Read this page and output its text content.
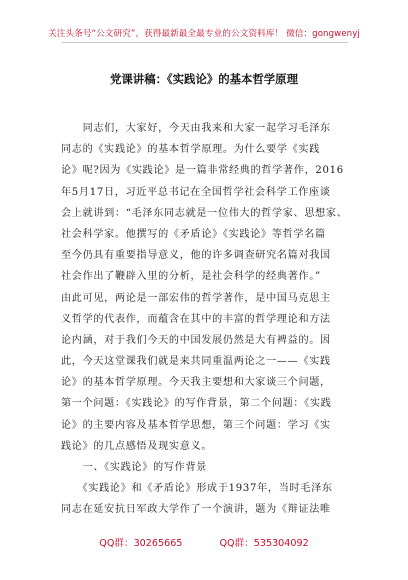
关注头条号“公文研究”，获得最新最全最专业的公文资料库！ 微信：gongwenyj
党课讲稿：《实践论》的基本哲学原理
　　同志们，大家好，今天由我来和大家一起学习毛泽东
同志的《实践论》的基本哲学原理。为什么要学《实践
论》呢?因为《实践论》是一篇非常经典的哲学著作，2016
年5月17日，习近平总书记在全国哲学社会科学工作座谈
会上就讲到：“毛泽东同志就是一位伟大的哲学家、思想家、
社会科学家。他撰写的《矛盾论》《实践论》等哲学名篇
至今仍具有重要指导意义，他的许多调查研究名篇对我国
社会作出了鞭辟入里的分析，是社会科学的经典著作。”
由此可见，两论是一部宏伟的哲学著作，是中国马克思主
义哲学的代表作，而蕴含在其中的丰富的哲学理论和方法
论内涵，对于我们今天的中国发展仍然是大有裨益的。因
此，今天这堂课我们就是来共同重温两论之一——《实践
论》的基本哲学原理。今天我主要想和大家谈三个问题，
第一个问题：《实践论》的写作背景，第二个问题：《实践
论》的主要内容及基本哲学思想，第三个问题：学习《实
践论》的几点感悟及现实意义。
　　一、《实践论》的写作背景
　　《实践论》和《矛盾论》形成于1937年，当时毛泽东
同志在延安抗日军政大学作了一个演讲，题为《辩证法唯
QQ群：30265665	QQ群：535304092
